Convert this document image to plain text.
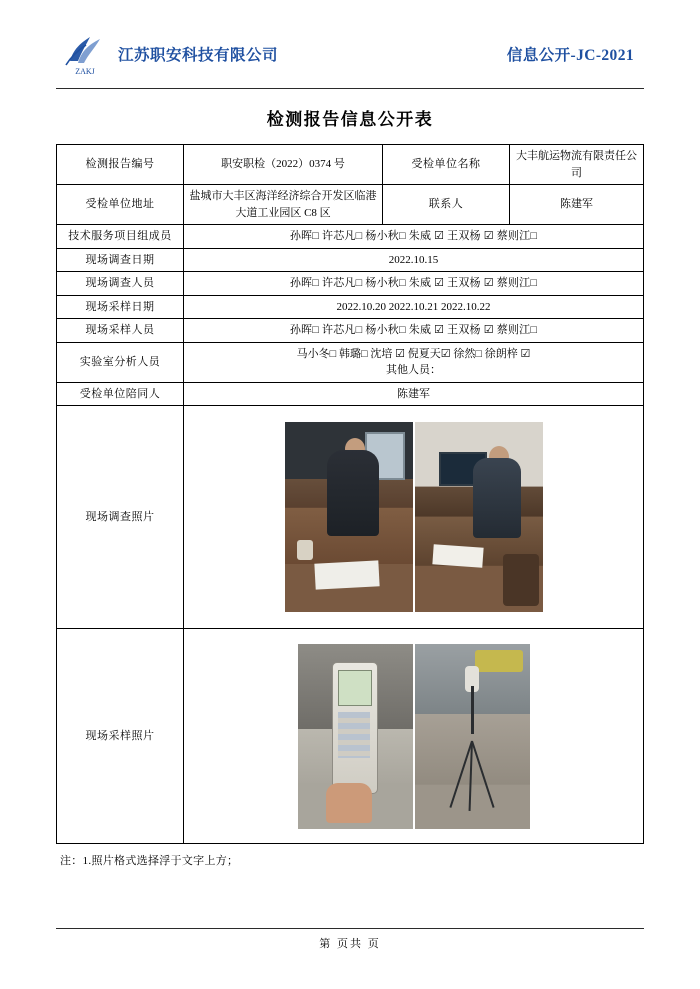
ZAKJ
江苏职安科技有限公司	信息公开-JC-2021
检测报告信息公开表
检测报告编号	职安职检（2022）0374 号	受检单位名称	大丰航运物流有限责任公司
受检单位地址	盐城市大丰区海洋经济综合开发区临港大道工业园区 C8 区	联系人	陈建军
技术服务项目组成员	孙晖□ 许芯凡□ 杨小秋□ 朱威 ☑ 王双杨 ☑ 蔡则江□		
现场调查日期	2022.10.15		
现场调查人员	孙晖□ 许芯凡□ 杨小秋□ 朱威 ☑ 王双杨 ☑ 蔡则江□		
现场采样日期	2022.10.20 2022.10.21 2022.10.22		
现场采样人员	孙晖□ 许芯凡□ 杨小秋□ 朱威 ☑ 王双杨 ☑ 蔡则江□		
实验室分析人员	马小冬□ 韩璐□ 沈培 ☑ 倪夏天☑ 徐然□ 徐朗梓 ☑
其他人员：		

受检单位陪同人	陈建军		
现场调查照片			

现场采样照片			
注：1.照片格式选择浮于文字上方；
第 页共 页
